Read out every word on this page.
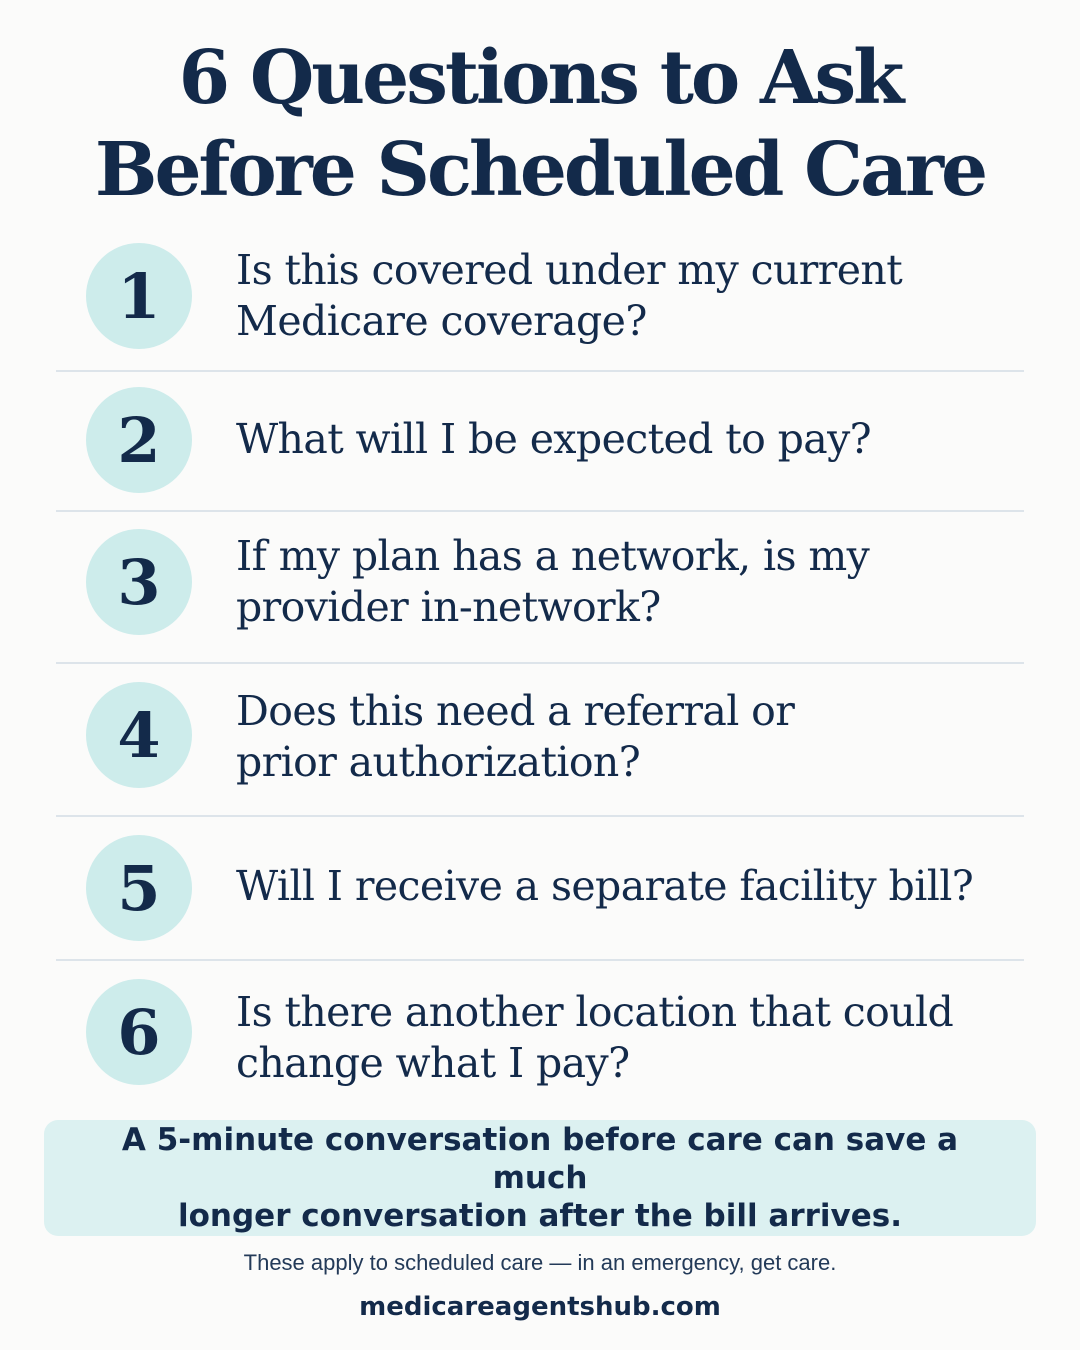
6 Questions to Ask
Before Scheduled Care
1	Is this covered under my current
Medicare coverage?
2	What will I be expected to pay?
3	If my plan has a network, is my
provider in-network?
4	Does this need a referral or
prior authorization?
5	Will I receive a separate facility bill?
6	Is there another location that could
change what I pay?
A 5-minute conversation before care can save a much
longer conversation after the bill arrives.
These apply to scheduled care — in an emergency, get care.
medicareagentshub.com
